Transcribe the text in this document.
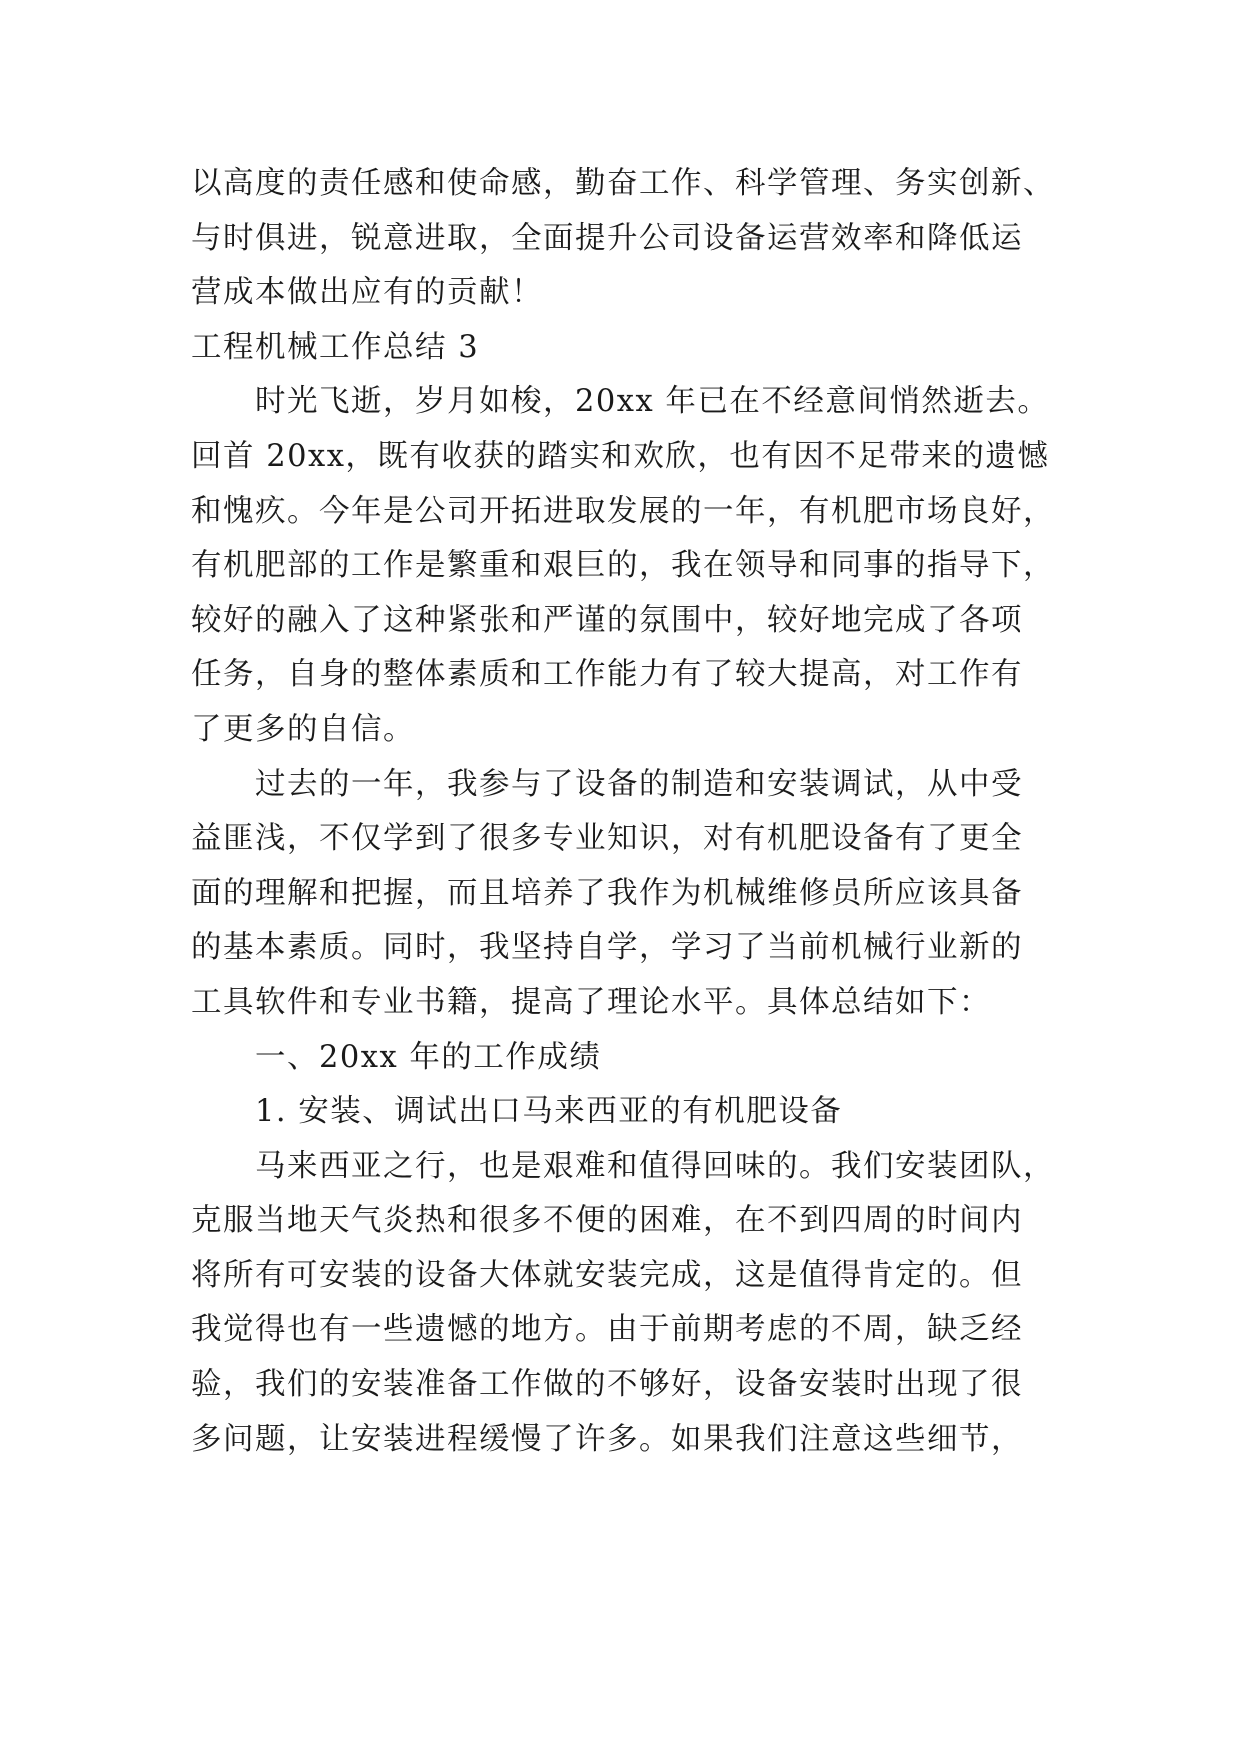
以高度的责任感和使命感，勤奋工作、科学管理、务实创新、
与时俱进，锐意进取，全面提升公司设备运营效率和降低运
营成本做出应有的贡献！
工程机械工作总结 3
时光飞逝，岁月如梭，20xx 年已在不经意间悄然逝去。
回首 20xx，既有收获的踏实和欢欣，也有因不足带来的遗憾
和愧疚。今年是公司开拓进取发展的一年，有机肥市场良好，
有机肥部的工作是繁重和艰巨的，我在领导和同事的指导下，
较好的融入了这种紧张和严谨的氛围中，较好地完成了各项
任务，自身的整体素质和工作能力有了较大提高，对工作有
了更多的自信。
过去的一年，我参与了设备的制造和安装调试，从中受
益匪浅，不仅学到了很多专业知识，对有机肥设备有了更全
面的理解和把握，而且培养了我作为机械维修员所应该具备
的基本素质。同时，我坚持自学，学习了当前机械行业新的
工具软件和专业书籍，提高了理论水平。具体总结如下：
一、20xx 年的工作成绩
1. 安装、调试出口马来西亚的有机肥设备
马来西亚之行，也是艰难和值得回味的。我们安装团队，
克服当地天气炎热和很多不便的困难，在不到四周的时间内
将所有可安装的设备大体就安装完成，这是值得肯定的。但
我觉得也有一些遗憾的地方。由于前期考虑的不周，缺乏经
验，我们的安装准备工作做的不够好，设备安装时出现了很
多问题，让安装进程缓慢了许多。如果我们注意这些细节，
